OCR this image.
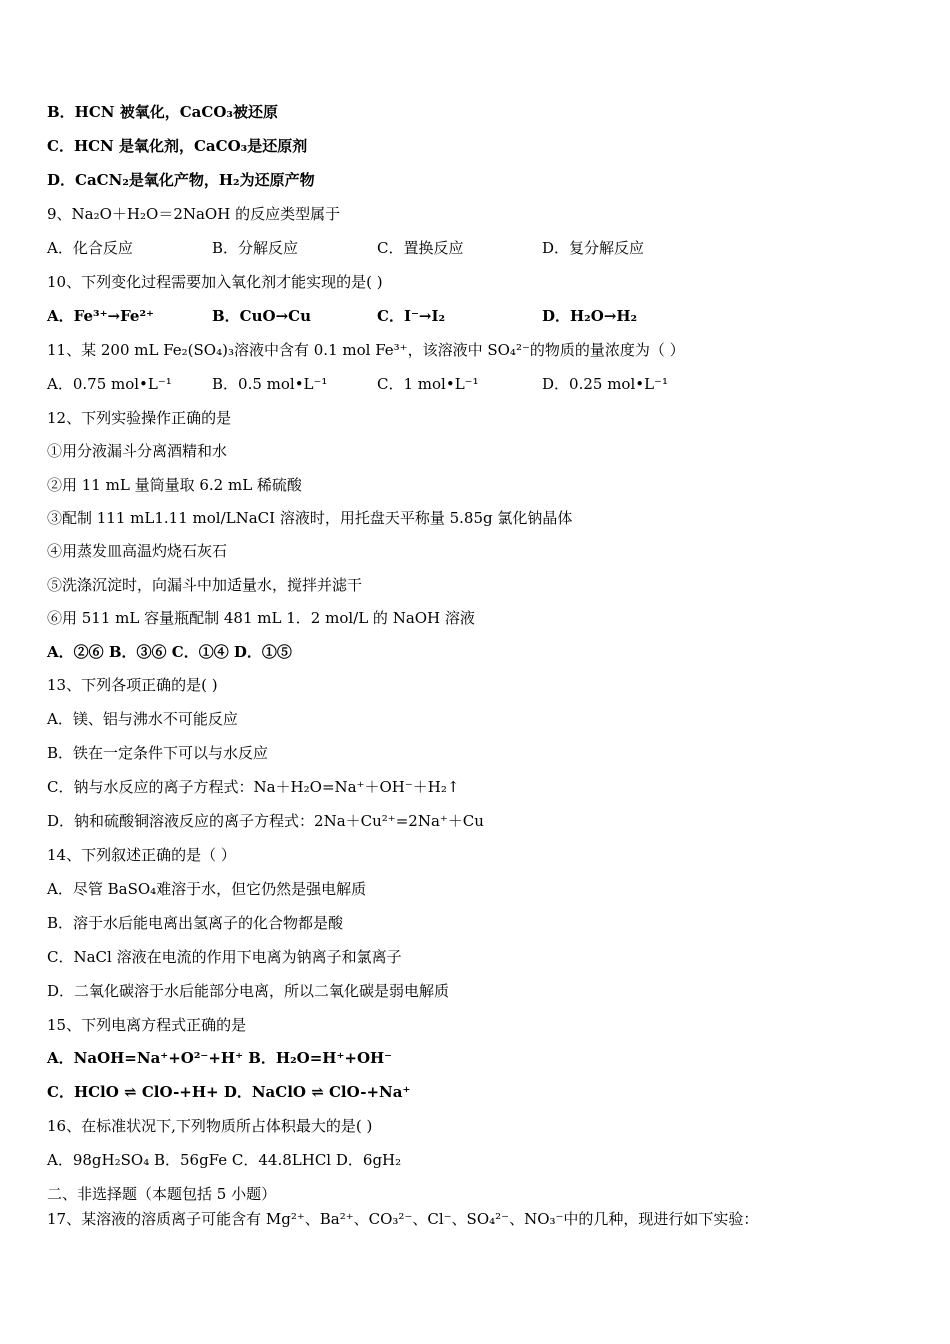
B．HCN 被氧化，CaCO₃被还原
C．HCN 是氧化剂，CaCO₃是还原剂
D．CaCN₂是氧化产物，H₂为还原产物
9、Na₂O＋H₂O＝2NaOH 的反应类型属于
A．化合反应	B．分解反应	C．置换反应	D．复分解反应
10、下列变化过程需要加入氧化剂才能实现的是( )
A．Fe³⁺→Fe²⁺	B．CuO→Cu	C．I⁻→I₂	D．H₂O→H₂
11、某 200 mL Fe₂(SO₄)₃溶液中含有 0.1 mol Fe³⁺，该溶液中 SO₄²⁻的物质的量浓度为（ ）
A．0.75 mol•L⁻¹	B．0.5 mol•L⁻¹	C．1 mol•L⁻¹	D．0.25 mol•L⁻¹
12、下列实验操作正确的是
①用分液漏斗分离酒精和水
②用 11 mL 量筒量取 6.2 mL 稀硫酸
③配制 111 mL1.11 mol/LNaCI 溶液时，用托盘天平称量 5.85g 氯化钠晶体
④用蒸发皿高温灼烧石灰石
⑤洗涤沉淀时，向漏斗中加适量水，搅拌并滤干
⑥用 511 mL 容量瓶配制 481 mL 1．2 mol/L 的 NaOH 溶液
A．②⑥ B．③⑥ C．①④ D．①⑤
13、下列各项正确的是( )
A．镁、铝与沸水不可能反应
B．铁在一定条件下可以与水反应
C．钠与水反应的离子方程式：Na＋H₂O=Na⁺＋OH⁻＋H₂↑
D．钠和硫酸铜溶液反应的离子方程式：2Na＋Cu²⁺=2Na⁺＋Cu
14、下列叙述正确的是（ ）
A．尽管 BaSO₄难溶于水，但它仍然是强电解质
B．溶于水后能电离出氢离子的化合物都是酸
C．NaCl 溶液在电流的作用下电离为钠离子和氯离子
D．二氧化碳溶于水后能部分电离，所以二氧化碳是弱电解质
15、下列电离方程式正确的是
A．NaOH=Na⁺+O²⁻+H⁺ B．H₂O=H⁺+OH⁻
C．HClO ⇌ ClO-+H+ D．NaClO ⇌ ClO-+Na⁺
16、在标准状况下,下列物质所占体积最大的是( )
A．98gH₂SO₄ B．56gFe C．44.8LHCl D．6gH₂
二、非选择题（本题包括 5 小题）
17、某溶液的溶质离子可能含有 Mg²⁺、Ba²⁺、CO₃²⁻、Cl⁻、SO₄²⁻、NO₃⁻中的几种，现进行如下实验：
